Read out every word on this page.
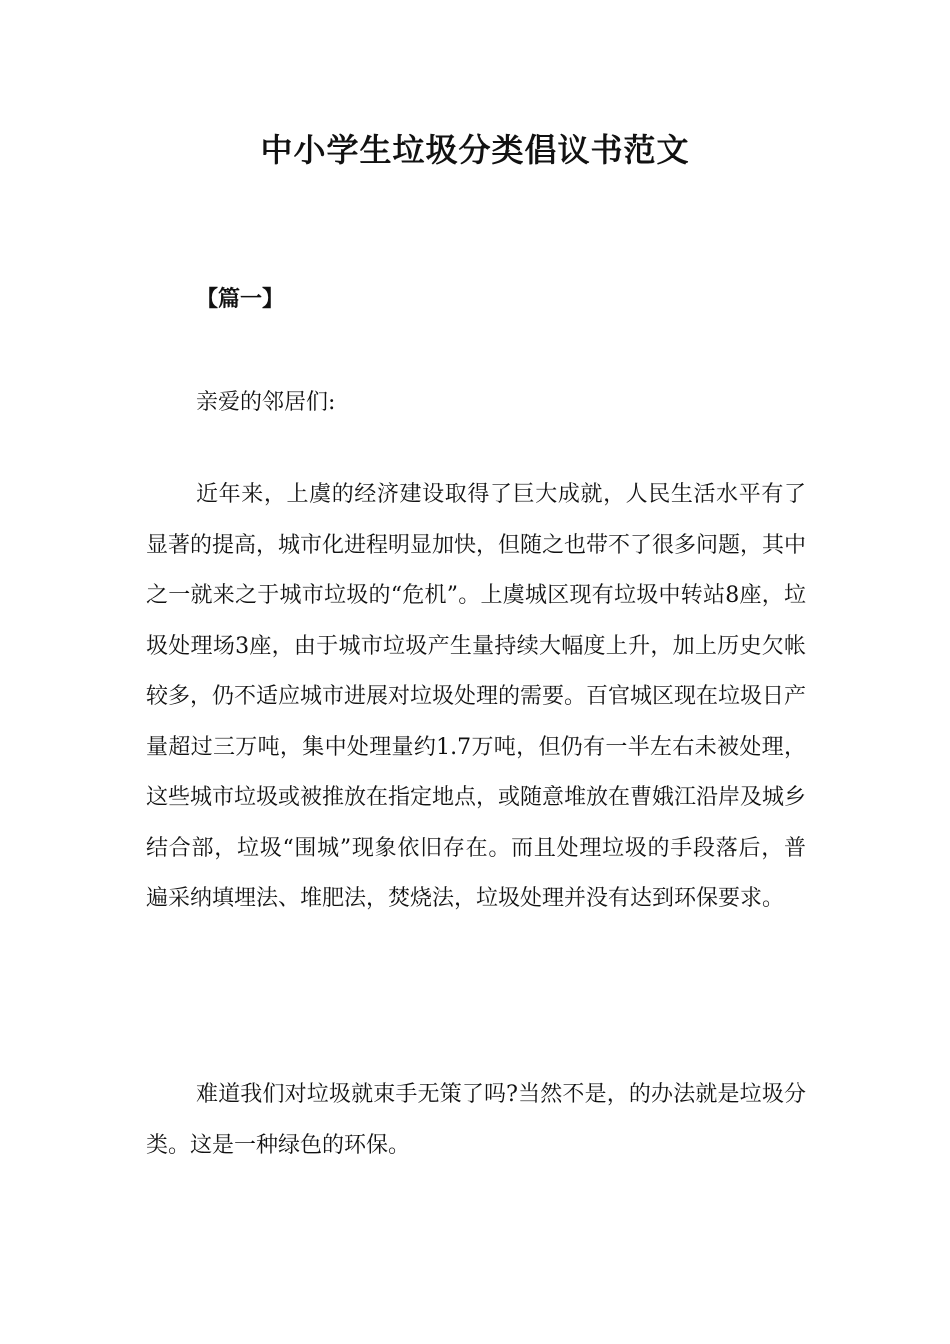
中小学生垃圾分类倡议书范文
【篇一】

亲爱的邻居们:

近年来，上虞的经济建设取得了巨大成就，人民生活水平有了显著的提高，城市化进程明显加快，但随之也带不了很多问题，其中之一就来之于城市垃圾的“危机”。上虞城区现有垃圾中转站8座，垃圾处理场3座，由于城市垃圾产生量持续大幅度上升，加上历史欠帐较多，仍不适应城市进展对垃圾处理的需要。百官城区现在垃圾日产量超过三万吨，集中处理量约1.7万吨，但仍有一半左右未被处理，这些城市垃圾或被推放在指定地点，或随意堆放在曹娥江沿岸及城乡结合部，垃圾“围城”现象依旧存在。而且处理垃圾的手段落后，普遍采纳填埋法、堆肥法，焚烧法，垃圾处理并没有达到环保要求。

难道我们对垃圾就束手无策了吗?当然不是，的办法就是垃圾分类。这是一种绿色的环保。
